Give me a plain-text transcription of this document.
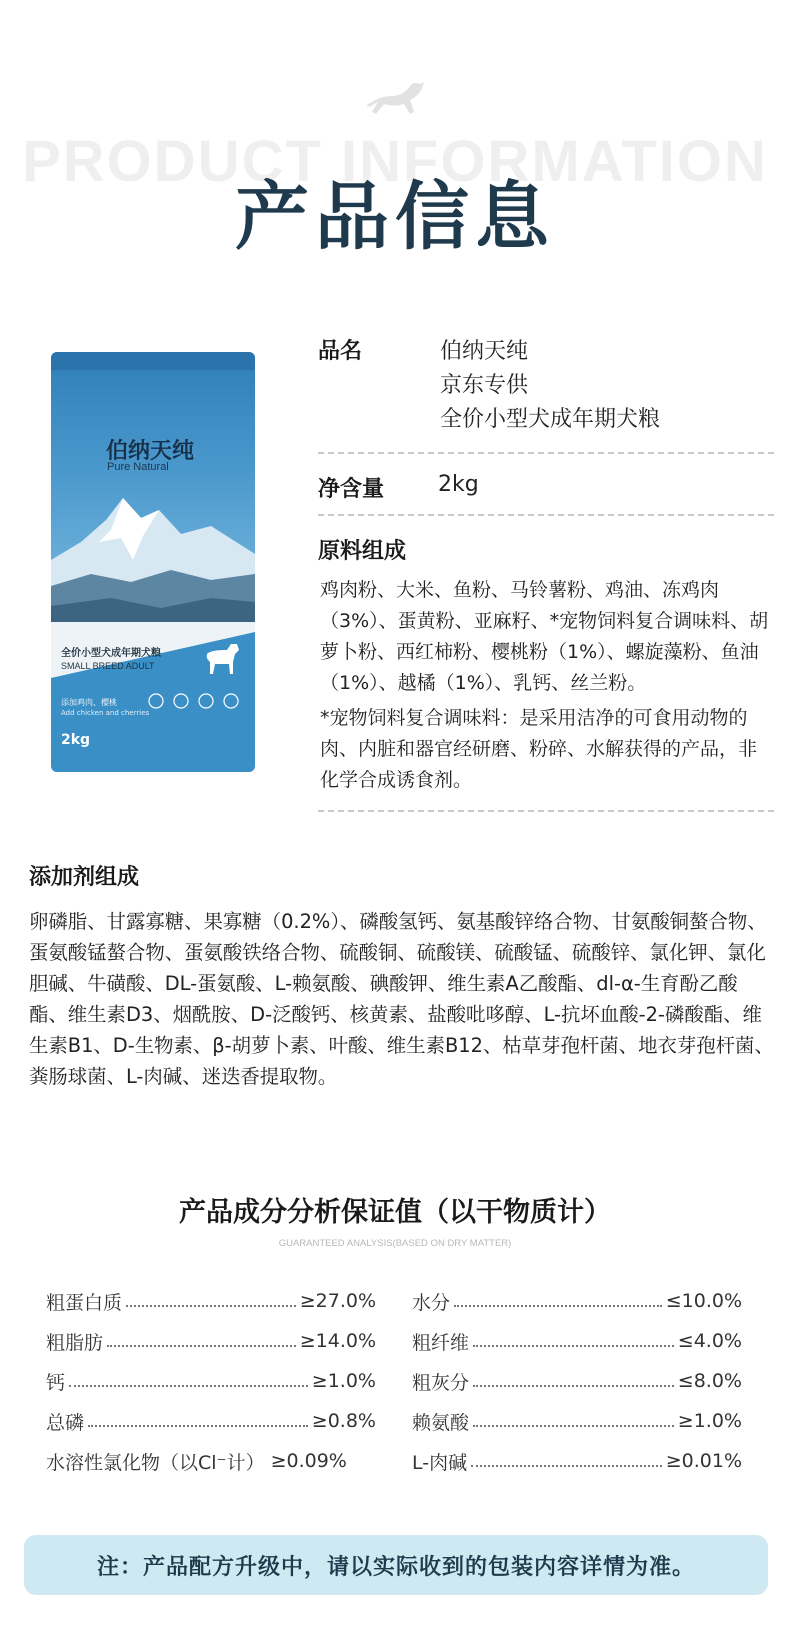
PRODUCT INFORMATION
产品信息
伯纳天纯
Pure Natural
全价小型犬成年期犬粮
SMALL BREED ADULT
添加鸡肉、樱桃
Add chicken and cherries
2kg
品名	伯纳天纯
京东专供
全价小型犬成年期犬粮
净含量 2kg
原料组成
鸡肉粉、大米、鱼粉、马铃薯粉、鸡油、冻鸡肉（3%）、蛋黄粉、亚麻籽、*宠物饲料复合调味料、胡萝卜粉、西红柿粉、樱桃粉（1%）、螺旋藻粉、鱼油（1%）、越橘（1%）、乳钙、丝兰粉。
*宠物饲料复合调味料：是采用洁净的可食用动物的肉、内脏和器官经研磨、粉碎、水解获得的产品，非化学合成诱食剂。
添加剂组成
卵磷脂、甘露寡糖、果寡糖（0.2%）、磷酸氢钙、氨基酸锌络合物、甘氨酸铜螯合物、蛋氨酸锰螯合物、蛋氨酸铁络合物、硫酸铜、硫酸镁、硫酸锰、硫酸锌、氯化钾、氯化胆碱、牛磺酸、DL-蛋氨酸、L-赖氨酸、碘酸钾、维生素A乙酸酯、dl-α-生育酚乙酸酯、维生素D3、烟酰胺、D-泛酸钙、核黄素、盐酸吡哆醇、L-抗坏血酸-2-磷酸酯、维生素B1、D-生物素、β-胡萝卜素、叶酸、维生素B12、枯草芽孢杆菌、地衣芽孢杆菌、粪肠球菌、L-肉碱、迷迭香提取物。
产品成分分析保证值（以干物质计）
GUARANTEED ANALYSIS(BASED ON DRY MATTER)
粗蛋白质	≥27.0%
粗脂肪	≥14.0%
钙	≥1.0%
总磷	≥0.8%
水溶性氯化物（以Cl⁻计） ≥0.09%
水分	≤10.0%
粗纤维	≤4.0%
粗灰分	≤8.0%
赖氨酸	≥1.0%
L-肉碱	≥0.01%
注：产品配方升级中，请以实际收到的包装内容详情为准。
